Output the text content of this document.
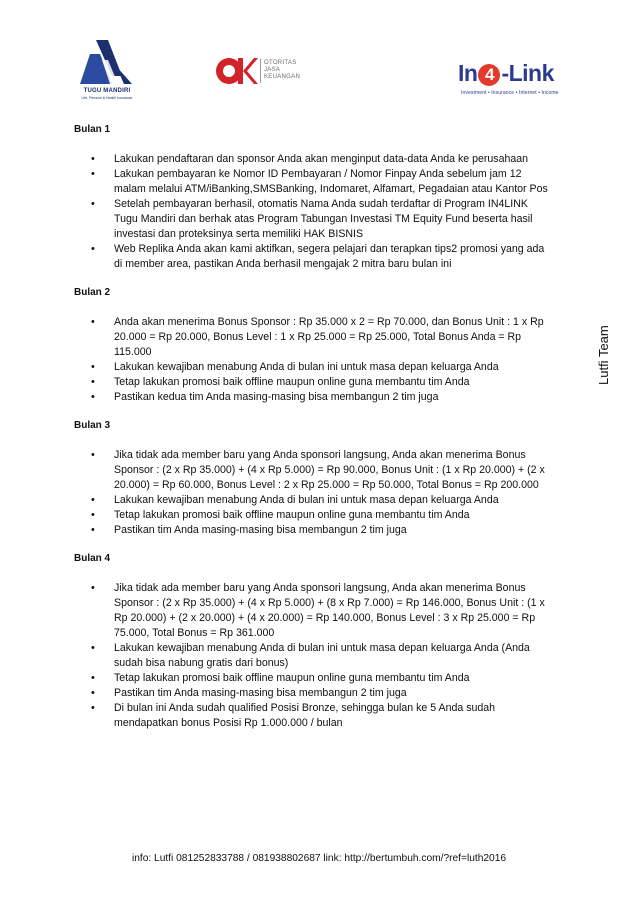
TUGU MANDIRI
Life, Pension & Health Insurance
OTORITAS
JASA
KEUANGAN	In 4 -Link
Investment • Insurance • Internet • Income

Bulan 1

• Lakukan pendaftaran dan sponsor Anda akan menginput data-data Anda ke perusahaan
• Lakukan pembayaran ke Nomor ID Pembayaran / Nomor Finpay Anda sebelum jam 12 malam melalui ATM/iBanking,SMSBanking, Indomaret, Alfamart, Pegadaian atau Kantor Pos
• Setelah pembayaran berhasil, otomatis Nama Anda sudah terdaftar di Program IN4LINK Tugu Mandiri dan berhak atas Program Tabungan Investasi TM Equity Fund beserta hasil investasi dan proteksinya serta memiliki HAK BISNIS
• Web Replika Anda akan kami aktifkan, segera pelajari dan terapkan tips2 promosi yang ada di member area, pastikan Anda berhasil mengajak 2 mitra baru bulan ini

Bulan 2

• Anda akan menerima Bonus Sponsor : Rp 35.000 x 2 = Rp 70.000, dan Bonus Unit : 1 x Rp 20.000 = Rp 20.000, Bonus Level : 1 x Rp 25.000 = Rp 25.000, Total Bonus Anda = Rp 115.000
• Lakukan kewajiban menabung Anda di bulan ini untuk masa depan keluarga Anda
• Tetap lakukan promosi baik offline maupun online guna membantu tim Anda
• Pastikan kedua tim Anda masing-masing bisa membangun 2 tim juga

Bulan 3

• Jika tidak ada member baru yang Anda sponsori langsung, Anda akan menerima Bonus Sponsor : (2 x Rp 35.000) + (4 x Rp 5.000) = Rp 90.000, Bonus Unit : (1 x Rp 20.000) + (2 x 20.000) = Rp 60.000, Bonus Level : 2 x Rp 25.000 = Rp 50.000, Total Bonus = Rp 200.000
• Lakukan kewajiban menabung Anda di bulan ini untuk masa depan keluarga Anda
• Tetap lakukan promosi baik offline maupun online guna membantu tim Anda
• Pastikan tim Anda masing-masing bisa membangun 2 tim juga

Bulan 4

• Jika tidak ada member baru yang Anda sponsori langsung, Anda akan menerima Bonus Sponsor : (2 x Rp 35.000) + (4 x Rp 5.000) + (8 x Rp 7.000) = Rp 146.000, Bonus Unit : (1 x Rp 20.000) + (2 x 20.000) + (4 x 20.000) = Rp 140.000, Bonus Level : 3 x Rp 25.000 = Rp 75.000, Total Bonus = Rp 361.000
• Lakukan kewajiban menabung Anda di bulan ini untuk masa depan keluarga Anda (Anda sudah bisa nabung gratis dari bonus)
• Tetap lakukan promosi baik offline maupun online guna membantu tim Anda
• Pastikan tim Anda masing-masing bisa membangun 2 tim juga
• Di bulan ini Anda sudah qualified Posisi Bronze, sehingga bulan ke 5 Anda sudah mendapatkan bonus Posisi Rp 1.000.000 / bulan
Lutfi Team
info: Lutfi 081252833788 / 081938802687 link: http://bertumbuh.com/?ref=luth2016
